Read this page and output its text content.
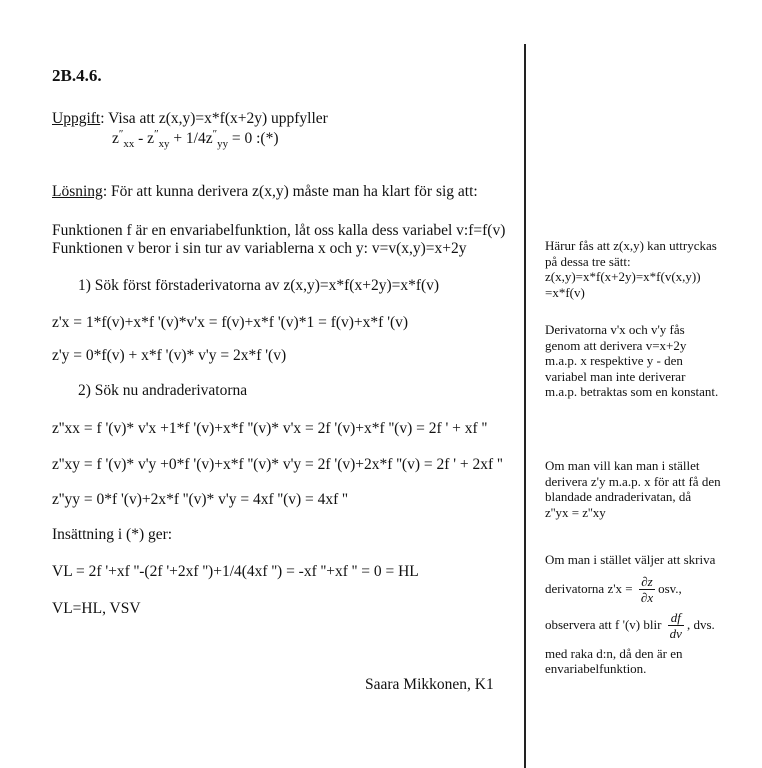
2B.4.6.
Uppgift: Visa att z(x,y)=x*f(x+2y) uppfyller
$z''_{xx} - z''_{xy} + 1/4z''_{yy} = 0$ :(*)
Lösning: För att kunna derivera z(x,y) måste man ha klart för sig att:
Funktionen f är en envariabelfunktion, låt oss kalla dess variabel v:f=f(v)
Funktionen v beror i sin tur av variablerna x och y: v=v(x,y)=x+2y
1) Sök först förstaderivatorna av z(x,y)=x*f(x+2y)=x*f(v)
z'x = 1*f(v)+x*f '(v)*v'x = f(v)+x*f '(v)*1 = f(v)+x*f '(v)
z'y = 0*f(v) + x*f '(v)* v'y = 2x*f '(v)
2) Sök nu andraderivatorna
z''xx = f '(v)* v'x +1*f '(v)+x*f ''(v)* v'x = 2f '(v)+x*f ''(v) = 2f ' + xf ''
z''xy = f '(v)* v'y +0*f '(v)+x*f ''(v)* v'y = 2f '(v)+2x*f ''(v) = 2f ' + 2xf ''
z''yy = 0*f '(v)+2x*f ''(v)* v'y = 4xf ''(v) = 4xf ''
Insättning i (*) ger:
VL = 2f '+xf ''-(2f '+2xf '')+1/4(4xf '') = -xf ''+xf '' = 0 = HL
VL=HL, VSV
Saara Mikkonen, K1
Härur fås att z(x,y) kan uttryckas
på dessa tre sätt:
z(x,y)=x*f(x+2y)=x*f(v(x,y))
=x*f(v)
Derivatorna v'x och v'y fås
genom att derivera v=x+2y
m.a.p. x respektive y - den
variabel man inte deriverar
m.a.p. betraktas som en konstant.
Om man vill kan man i stället
derivera z'y m.a.p. x för att få den
blandade andraderivatan, då
z''yx = z''xy
Om man i stället väljer att skriva
derivatorna $z'x = \frac{\partial z}{\partial x}$ osv.,
observera att f '(v) blir $\frac{df}{dv}$ , dvs.
med raka d:n, då den är en
envariabelfunktion.
